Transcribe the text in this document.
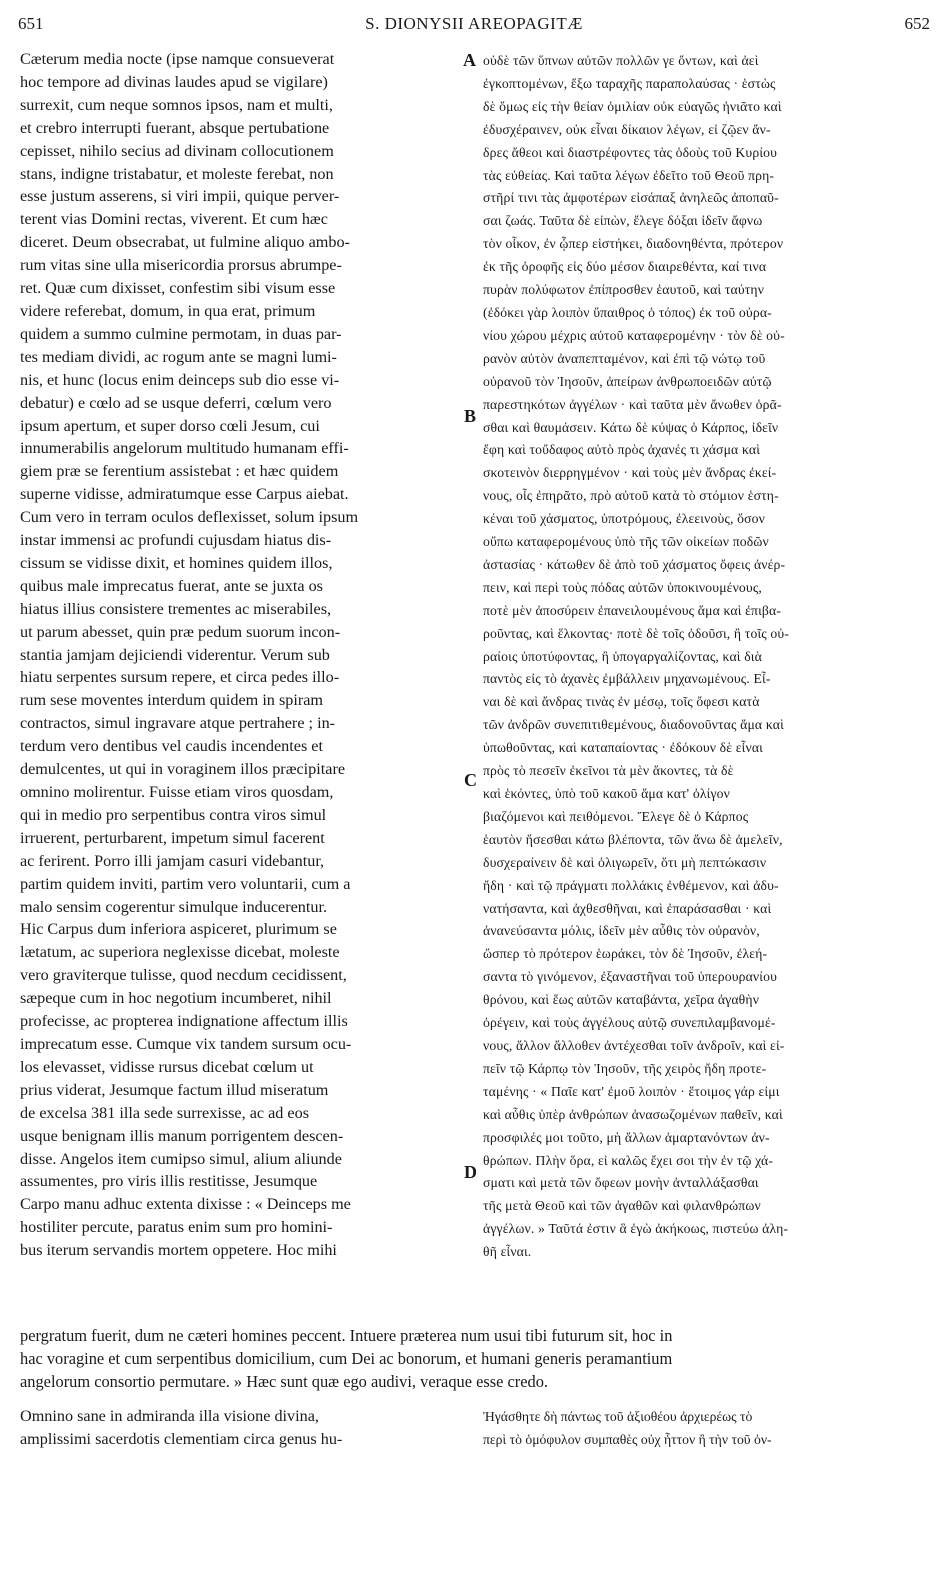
651	S. DIONYSII AREOPAGITÆ	652
Cæterum media nocte (ipse namque consueverat
hoc tempore ad divinas laudes apud se vigilare)
surrexit, cum neque somnos ipsos, nam et multi,
et crebro interrupti fuerant, absque pertubatione
cepisset, nihilo secius ad divinam collocutionem
stans, indigne tristabatur, et moleste ferebat, non
esse justum asserens, si viri impii, quique perver-
terent vias Domini rectas, viverent. Et cum hæc
diceret. Deum obsecrabat, ut fulmine aliquo ambo-
rum vitas sine ulla misericordia prorsus abrumpe-
ret. Quæ cum dixisset, confestim sibi visum esse
videre referebat, domum, in qua erat, primum
quidem a summo culmine permotam, in duas par-
tes mediam dividi, ac rogum ante se magni lumi-
nis, et hunc (locus enim deinceps sub dio esse vi-
debatur) e cœlo ad se usque deferri, cœlum vero
ipsum apertum, et super dorso cœli Jesum, cui
innumerabilis angelorum multitudo humanam effi-
giem præ se ferentium assistebat : et hæc quidem
superne vidisse, admiratumque esse Carpus aiebat.
Cum vero in terram oculos deflexisset, solum ipsum
instar immensi ac profundi cujusdam hiatus dis-
cissum se vidisse dixit, et homines quidem illos,
quibus male imprecatus fuerat, ante se juxta os
hiatus illius consistere trementes ac miserabiles,
ut parum abesset, quin præ pedum suorum incon-
stantia jamjam dejiciendi viderentur. Verum sub
hiatu serpentes sursum repere, et circa pedes illo-
rum sese moventes interdum quidem in spiram
contractos, simul ingravare atque pertrahere ; in-
terdum vero dentibus vel caudis incendentes et
demulcentes, ut qui in voraginem illos præcipitare
omnino molirentur. Fuisse etiam viros quosdam,
qui in medio pro serpentibus contra viros simul
irruerent, perturbarent, impetum simul facerent
ac ferirent. Porro illi jamjam casuri videbantur,
partim quidem inviti, partim vero voluntarii, cum a
malo sensim cogerentur simulque inducerentur.
Hic Carpus dum inferiora aspiceret, plurimum se
lætatum, ac superiora neglexisse dicebat, moleste
vero graviterque tulisse, quod necdum cecidissent,
sæpeque cum in hoc negotium incumberet, nihil
profecisse, ac propterea indignatione affectum illis
imprecatum esse. Cumque vix tandem sursum ocu-
los elevasset, vidisse rursus dicebat cœlum ut
prius viderat, Jesumque factum illud miseratum
de excelsa 381 illa sede surrexisse, ac ad eos
usque benignam illis manum porrigentem descen-
disse. Angelos item cumipso simul, alium aliunde
assumentes, pro viris illis restitisse, Jesumque
Carpo manu adhuc extenta dixisse : « Deinceps me
hostiliter percute, paratus enim sum pro homini-
bus iterum servandis mortem oppetere. Hoc mihi
οὐδὲ τῶν ὕπνων αὐτῶν πολλῶν γε ὄντων, καὶ ἀεὶ
ἐγκοπτομένων, ἔξω ταραχῆς παραπολαύσας · ἑστὼς
δὲ ὅμως εἰς τὴν θείαν ὁμιλίαν οὐκ εὐαγῶς ἠνιᾶτο καὶ
ἐδυσχέραινεν, οὐκ εἶναι δίκαιον λέγων, εἰ ζῷεν ἄν-
δρες ἄθεοι καὶ διαστρέφοντες τὰς ὁδοὺς τοῦ Κυρίου
τὰς εὐθείας. Καὶ ταῦτα λέγων ἐδεῖτο τοῦ Θεοῦ πρη-
στῆρί τινι τὰς ἀμφοτέρων εἰσάπαξ ἀνηλεῶς ἀποπαῦ-
σαι ζωάς. Ταῦτα δὲ εἰπὼν, ἔλεγε δόξαι ἰδεῖν ἄφνω
τὸν οἶκον, ἐν ᾧπερ εἱστήκει, διαδονηθέντα, πρότερον
ἐκ τῆς ὀροφῆς εἰς δύο μέσον διαιρεθέντα, καί τινα
πυρὰν πολύφωτον ἐπίπροσθεν ἑαυτοῦ, καὶ ταύτην
(ἐδόκει γὰρ λοιπὸν ὕπαιθρος ὁ τόπος) ἐκ τοῦ οὐρα-
νίου χώρου μέχρις αὐτοῦ καταφερομένην · τὸν δὲ οὐ-
ρανὸν αὐτὸν ἀναπεπταμένον, καὶ ἐπὶ τῷ νώτῳ τοῦ
οὐρανοῦ τὸν Ἰησοῦν, ἀπείρων ἀνθρωποειδῶν αὐτῷ
παρεστηκότων ἀγγέλων · καὶ ταῦτα μὲν ἄνωθεν ὁρᾶ-
σθαι καὶ θαυμάσειν. Κάτω δὲ κύψας ὁ Κάρπος, ἰδεῖν
ἔφη καὶ τοὔδαφος αὐτὸ πρὸς ἀχανές τι χάσμα καὶ
σκοτεινὸν διερρηγμένον · καὶ τοὺς μὲν ἄνδρας ἐκεί-
νους, οἷς ἐπηρᾶτο, πρὸ αὐτοῦ κατὰ τὸ στόμιον ἑστη-
κέναι τοῦ χάσματος, ὑποτρόμους, ἐλεεινοὺς, ὅσον
οὔπω καταφερομένους ὑπὸ τῆς τῶν οἰκείων ποδῶν
ἀστασίας · κάτωθεν δὲ ἀπὸ τοῦ χάσματος ὄφεις ἀνέρ-
πειν, καὶ περὶ τοὺς πόδας αὐτῶν ὑποκινουμένους,
ποτὲ μὲν ἀποσύρειν ἐπανειλουμένους ἅμα καὶ ἐπιβα-
ροῦντας, καὶ ἕλκοντας· ποτὲ δὲ τοῖς ὀδοῦσι, ἢ τοῖς οὐ-
ραίοις ὑποτύφοντας, ἢ ὑπογαργαλίζοντας, καὶ διὰ
παντὸς εἰς τὸ ἀχανὲς ἐμβάλλειν μηχανωμένους. Εἶ-
ναι δὲ καὶ ἄνδρας τινὰς ἐν μέσῳ, τοῖς ὄφεσι κατὰ
τῶν ἀνδρῶν συνεπιτιθεμένους, διαδονοῦντας ἅμα καὶ
ὑπωθοῦντας, καὶ καταπαίοντας · ἐδόκουν δὲ εἶναι
πρὸς τὸ πεσεῖν ἐκεῖνοι τὰ μὲν ἄκοντες, τὰ δὲ
καὶ ἑκόντες, ὑπὸ τοῦ κακοῦ ἅμα κατ' ὀλίγον
βιαζόμενοι καὶ πειθόμενοι. Ἔλεγε δὲ ὁ Κάρπος
ἑαυτὸν ἥσεσθαι κάτω βλέποντα, τῶν ἄνω δὲ ἀμελεῖν,
δυσχεραίνειν δὲ καὶ ὀλιγωρεῖν, ὅτι μὴ πεπτώκασιν
ἤδη · καὶ τῷ πράγματι πολλάκις ἐνθέμενον, καὶ ἀδυ-
νατήσαντα, καὶ ἀχθεσθῆναι, καὶ ἐπαράσασθαι · καὶ
ἀνανεύσαντα μόλις, ἰδεῖν μὲν αὖθις τὸν οὐρανὸν,
ὥσπερ τὸ πρότερον ἑωράκει, τὸν δὲ Ἰησοῦν, ἐλεή-
σαντα τὸ γινόμενον, ἐξαναστῆναι τοῦ ὑπερουρανίου
θρόνου, καὶ ἕως αὐτῶν καταβάντα, χεῖρα ἀγαθὴν
ὀρέγειν, καὶ τοὺς ἀγγέλους αὐτῷ συνεπιλαμβανομέ-
νους, ἄλλον ἄλλοθεν ἀντέχεσθαι τοῖν ἀνδροῖν, καὶ εἰ-
πεῖν τῷ Κάρπῳ τὸν Ἰησοῦν, τῆς χειρὸς ἤδη προτε-
ταμένης · « Παῖε κατ' ἐμοῦ λοιπὸν · ἕτοιμος γάρ εἰμι
καὶ αὖθις ὑπὲρ ἀνθρώπων ἀνασωζομένων παθεῖν, καὶ
προσφιλές μοι τοῦτο, μὴ ἄλλων ἁμαρτανόντων ἀν-
θρώπων. Πλὴν ὅρα, εἰ καλῶς ἔχει σοι τὴν ἐν τῷ χά-
σματι καὶ μετὰ τῶν ὄφεων μονὴν ἀνταλλάξασθαι
τῆς μετὰ Θεοῦ καὶ τῶν ἀγαθῶν καὶ φιλανθρώπων
ἀγγέλων. » Ταῦτά ἐστιν ἃ ἐγὼ ἀκήκοως, πιστεύω ἀλη-
θῆ εἶναι.
A
B
C
D
pergratum fuerit, dum ne cæteri homines peccent. Intuere præterea num usui tibi futurum sit, hoc in
hac voragine et cum serpentibus domicilium, cum Dei ac bonorum, et humani generis peramantium
angelorum consortio permutare. » Hæc sunt quæ ego audivi, veraque esse credo.
Omnino sane in admiranda illa visione divina,
amplissimi sacerdotis clementiam circa genus hu-
Ἠγάσθητε δὴ πάντως τοῦ ἀξιοθέου ἀρχιερέως τὸ
περὶ τὸ ὁμόφυλον συμπαθὲς οὐχ ἧττον ἢ τὴν τοῦ ὀν-
